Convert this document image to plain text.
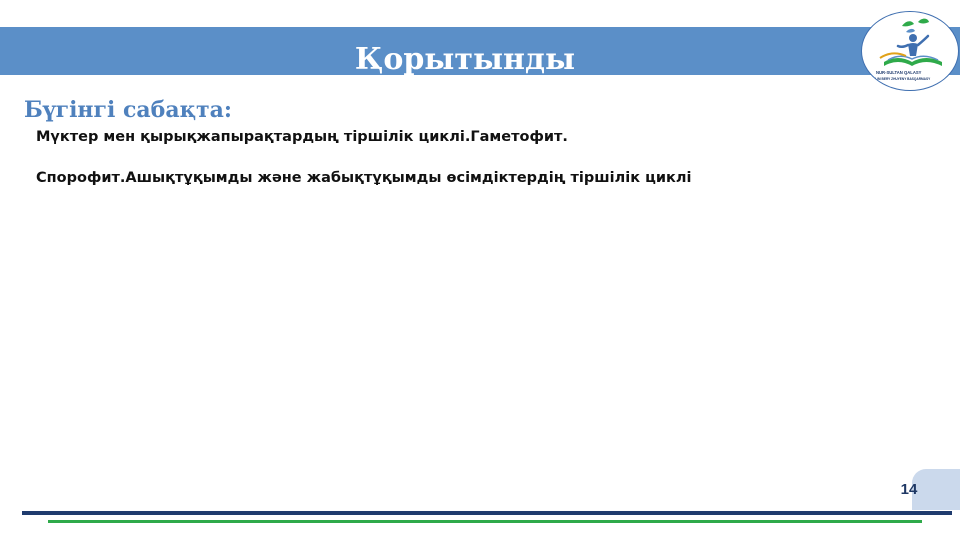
Қорытынды	NUR-SULTAN QALASY
BILIM BERY ZHUYENY BASQARMASY
Бүгінгі сабақта:
Мүктер мен қырықжапырақтардың тіршілік циклі.Гаметофит.
Спорофит.Ашықтұқымды және жабықтұқымды өсімдіктердің тіршілік циклі
14
